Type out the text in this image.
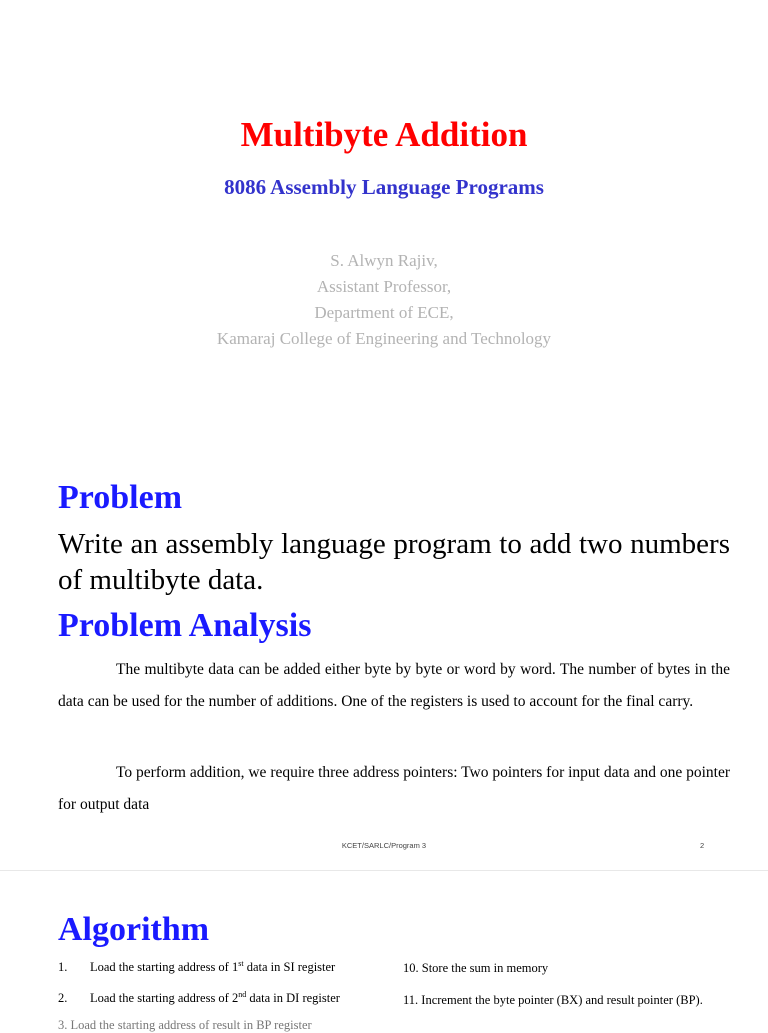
Multibyte Addition
8086 Assembly Language Programs
S. Alwyn Rajiv,
Assistant Professor,
Department of ECE,
Kamaraj College of Engineering and Technology
Problem
Write an assembly language program to add two numbers of multibyte data.
Problem Analysis
The multibyte data can be added either byte by byte or word by word. The number of bytes in the data can be used for the number of additions. One of the registers is used to account for the final carry.
To perform addition, we require three address pointers: Two pointers for input data and one pointer for output data
KCET/SARLC/Program 3	2
Algorithm
1. Load the starting address of 1st data in SI register
2. Load the starting address of 2nd data in DI register
10. Store the sum in memory
11. Increment the byte pointer (BX) and result pointer (BP).
3. Load the starting address of result in BP register
